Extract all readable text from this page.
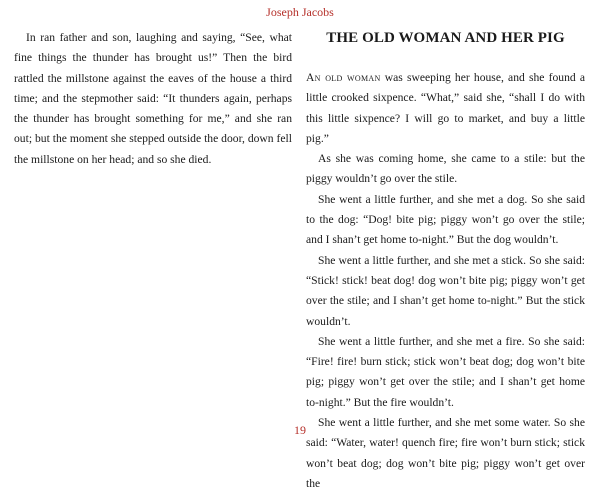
Joseph Jacobs

In ran father and son, laughing and saying, “See, what fine things the thunder has brought us!” Then the bird rattled the millstone against the eaves of the house a third time; and the stepmother said: “It thunders again, perhaps the thunder has brought something for me,” and she ran out; but the moment she stepped outside the door, down fell the millstone on her head; and so she died.

THE OLD WOMAN AND HER PIG

An old woman was sweeping her house, and she found a little crooked sixpence. “What,” said she, “shall I do with this little sixpence? I will go to market, and buy a little pig.”

As she was coming home, she came to a stile: but the piggy wouldn’t go over the stile.

She went a little further, and she met a dog. So she said to the dog: “Dog! bite pig; piggy won’t go over the stile; and I shan’t get home to-night.” But the dog wouldn’t.

She went a little further, and she met a stick. So she said: “Stick! stick! beat dog! dog won’t bite pig; piggy won’t get over the stile; and I shan’t get home to-night.” But the stick wouldn’t.

She went a little further, and she met a fire. So she said: “Fire! fire! burn stick; stick won’t beat dog; dog won’t bite pig; piggy won’t get over the stile; and I shan’t get home to-night.” But the fire wouldn’t.

She went a little further, and she met some water. So she said: “Water, water! quench fire; fire won’t burn stick; stick won’t beat dog; dog won’t bite pig; piggy won’t get over the

19
